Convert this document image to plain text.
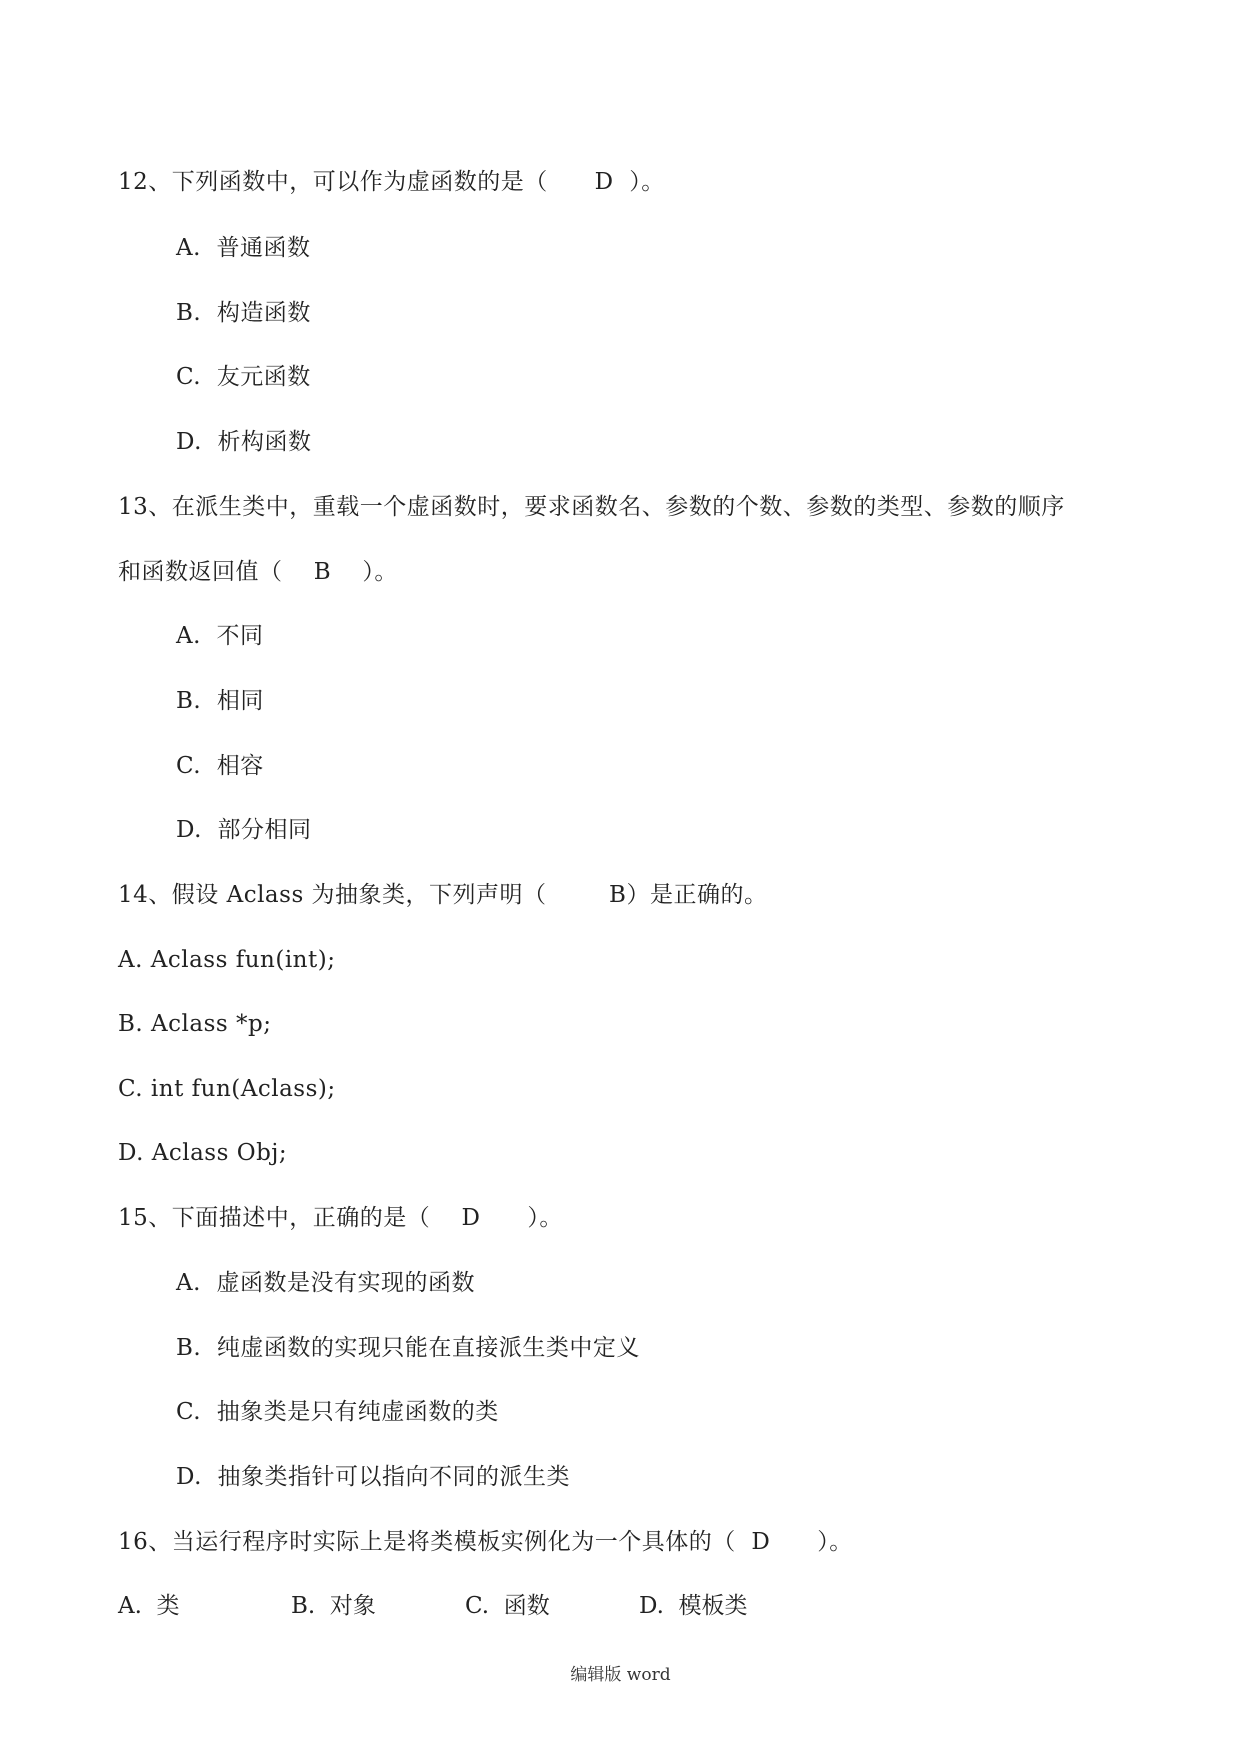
12、下列函数中，可以作为虚函数的是（      D  ）。
A.  普通函数
B.  构造函数
C.  友元函数
D.  析构函数
13、在派生类中，重载一个虚函数时，要求函数名、参数的个数、参数的类型、参数的顺序
和函数返回值（    B    ）。
A.  不同
B.  相同
C.  相容
D.  部分相同
14、假设 Aclass 为抽象类，下列声明（        B）是正确的。
A. Aclass fun(int);
B. Aclass *p;
C. int fun(Aclass);
D. Aclass Obj;
15、下面描述中，正确的是（    D      ）。
A.  虚函数是没有实现的函数
B.  纯虚函数的实现只能在直接派生类中定义
C.  抽象类是只有纯虚函数的类
D.  抽象类指针可以指向不同的派生类
16、当运行程序时实际上是将类模板实例化为一个具体的（  D      ）。
A.  类	B.  对象	C.  函数	D.  模板类
编辑版 word
